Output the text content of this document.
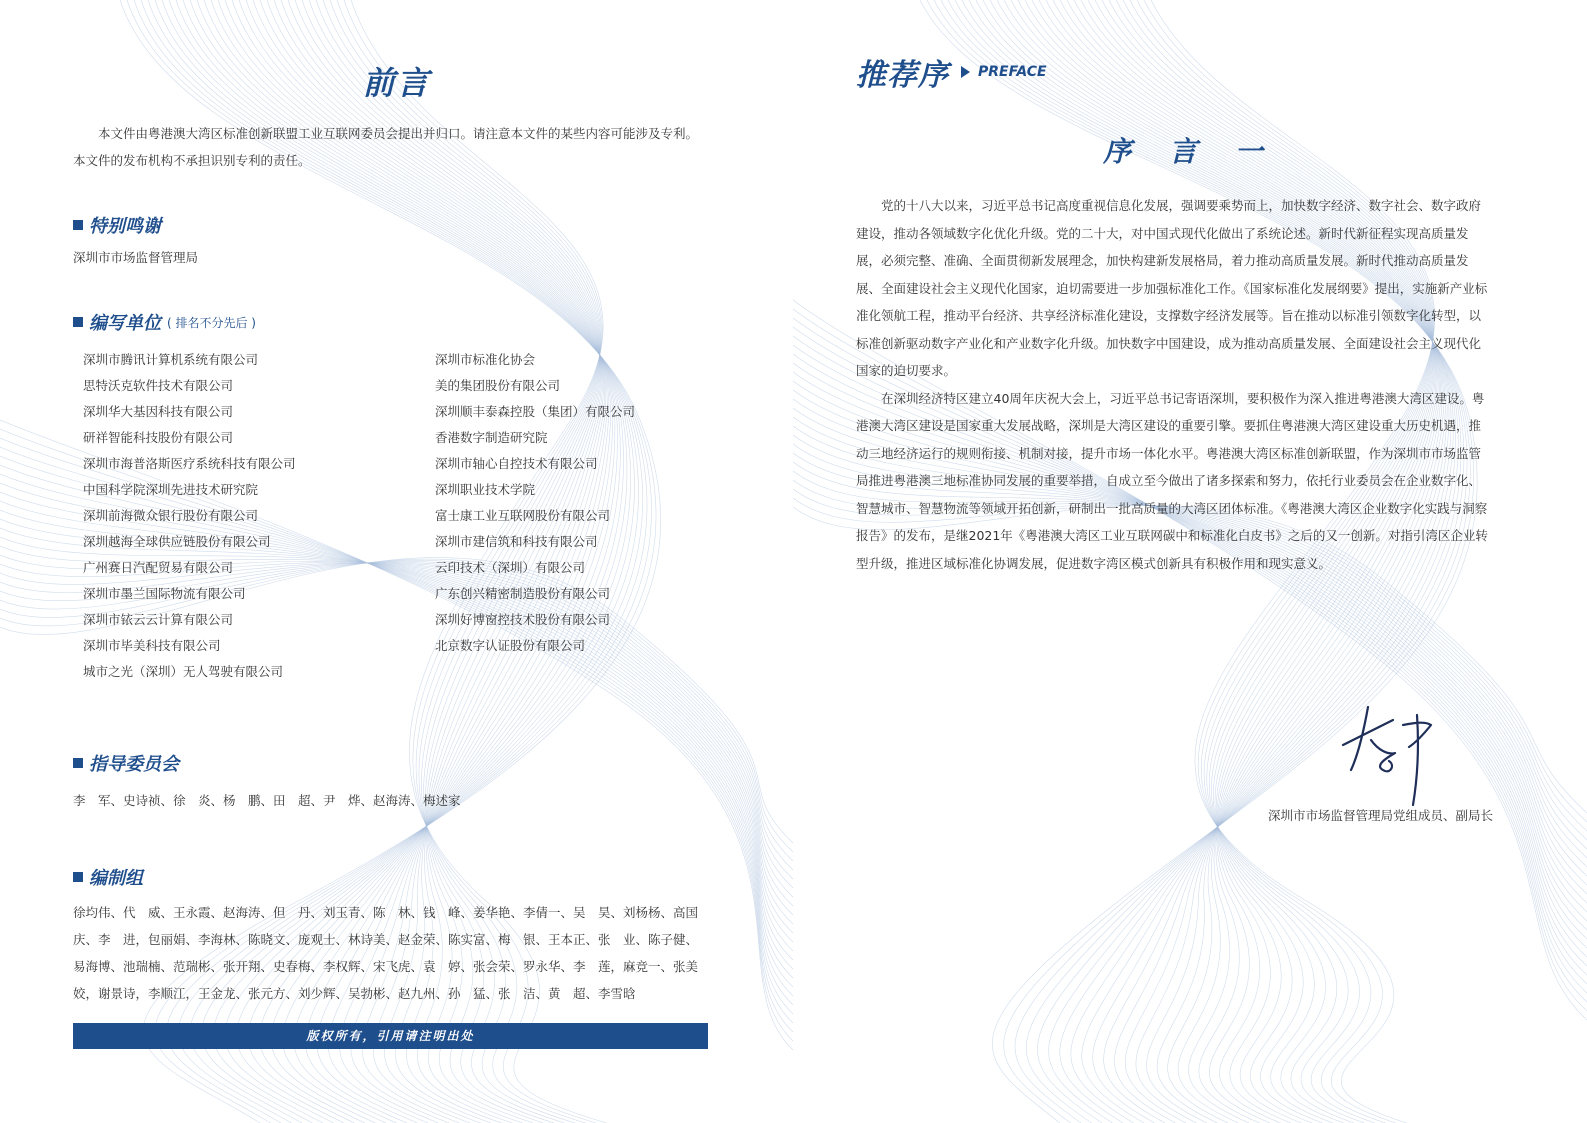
前言
本文件由粤港澳大湾区标准创新联盟工业互联网委员会提出并归口。请注意本文件的某些内容可能涉及专利。本文件的发布机构不承担识别专利的责任。
特别鸣谢
深圳市市场监督管理局
编写单位 ( 排名不分先后 )
深圳市腾讯计算机系统有限公司
思特沃克软件技术有限公司
深圳华大基因科技有限公司
研祥智能科技股份有限公司
深圳市海普洛斯医疗系统科技有限公司
中国科学院深圳先进技术研究院
深圳前海微众银行股份有限公司
深圳越海全球供应链股份有限公司
广州赛日汽配贸易有限公司
深圳市墨兰国际物流有限公司
深圳市铱云云计算有限公司
深圳市毕美科技有限公司
城市之光（深圳）无人驾驶有限公司
深圳市标准化协会
美的集团股份有限公司
深圳顺丰泰森控股（集团）有限公司
香港数字制造研究院
深圳市轴心自控技术有限公司
深圳职业技术学院
富士康工业互联网股份有限公司
深圳市建信筑和科技有限公司
云印技术（深圳）有限公司
广东创兴精密制造股份有限公司
深圳好博窗控技术股份有限公司
北京数字认证股份有限公司
指导委员会
李　军、史诗祯、徐　炎、杨　鹏、田　超、尹　烨、赵海涛、梅述家
编制组
徐均伟、代　威、王永霞、赵海涛、但　丹、刘玉青、陈　林、钱　峰、姜华艳、李倩一、吴　昊、刘杨杨、高国庆、李　进，包丽娟、李海林、陈晓文、庞观士、林诗美、赵金荣、陈实富、梅　银、王本正、张　业、陈子健、易海博、池瑞楠、范瑞彬、张开翔、史春梅、李权辉、宋飞虎、袁　婷、张会荣、罗永华、李　莲，麻竞一、张美姣，谢景诗，李顺江，王金龙、张元方、刘少辉、吴勃彬、赵九州、孙　猛、张　洁、黄　超、李雪晗
版权所有，引用请注明出处
推荐序 PREFACE
序 言 一

党的十八大以来，习近平总书记高度重视信息化发展，强调要乘势而上，加快数字经济、数字社会、数字政府建设，推动各领域数字化优化升级。党的二十大，对中国式现代化做出了系统论述。新时代新征程实现高质量发展，必须完整、准确、全面贯彻新发展理念，加快构建新发展格局，着力推动高质量发展。新时代推动高质量发展、全面建设社会主义现代化国家，迫切需要进一步加强标准化工作。《国家标准化发展纲要》提出，实施新产业标准化领航工程，推动平台经济、共享经济标准化建设，支撑数字经济发展等。旨在推动以标准引领数字化转型，以标准创新驱动数字产业化和产业数字化升级。加快数字中国建设，成为推动高质量发展、全面建设社会主义现代化国家的迫切要求。

在深圳经济特区建立40周年庆祝大会上，习近平总书记寄语深圳，要积极作为深入推进粤港澳大湾区建设。粤港澳大湾区建设是国家重大发展战略，深圳是大湾区建设的重要引擎。要抓住粤港澳大湾区建设重大历史机遇，推动三地经济运行的规则衔接、机制对接，提升市场一体化水平。粤港澳大湾区标准创新联盟，作为深圳市市场监管局推进粤港澳三地标准协同发展的重要举措，自成立至今做出了诸多探索和努力，依托行业委员会在企业数字化、智慧城市、智慧物流等领域开拓创新，研制出一批高质量的大湾区团体标准。《粤港澳大湾区企业数字化实践与洞察报告》的发布，是继2021年《粤港澳大湾区工业互联网碳中和标准化白皮书》之后的又一创新。对指引湾区企业转型升级，推进区域标准化协调发展，促进数字湾区模式创新具有积极作用和现实意义。

深圳市市场监督管理局党组成员、副局长
